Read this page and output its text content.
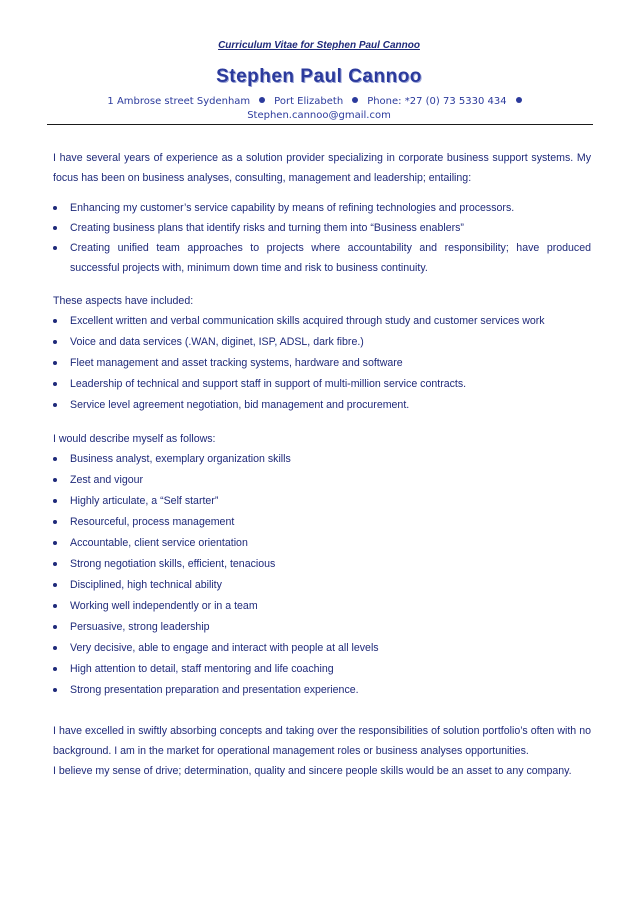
Curriculum Vitae for Stephen Paul Cannoo
Stephen Paul Cannoo
1 Ambrose street Sydenham Port Elizabeth Phone: *27 (0) 73 5330 434
Stephen.cannoo@gmail.com

I have several years of experience as a solution provider specializing in corporate business support systems. My focus has been on business analyses, consulting, management and leadership; entailing:

Enhancing my customer’s service capability by means of refining technologies and processors.
Creating business plans that identify risks and turning them into “Business enablers”
Creating unified team approaches to projects where accountability and responsibility; have produced successful projects with, minimum down time and risk to business continuity.

These aspects have included:

Excellent written and verbal communication skills acquired through study and customer services work
Voice and data services (.WAN, diginet, ISP, ADSL, dark fibre.)
Fleet management and asset tracking systems, hardware and software
Leadership of technical and support staff in support of multi-million service contracts.
Service level agreement negotiation, bid management and procurement.

I would describe myself as follows:

Business analyst, exemplary organization skills
Zest and vigour
Highly articulate, a “Self starter”
Resourceful, process management
Accountable, client service orientation
Strong negotiation skills, efficient, tenacious
Disciplined, high technical ability
Working well independently or in a team
Persuasive, strong leadership
Very decisive, able to engage and interact with people at all levels
High attention to detail, staff mentoring and life coaching
Strong presentation preparation and presentation experience.

I have excelled in swiftly absorbing concepts and taking over the responsibilities of solution portfolio’s often with no background. I am in the market for operational management roles or business analyses opportunities.

I believe my sense of drive; determination, quality and sincere people skills would be an asset to any company.
